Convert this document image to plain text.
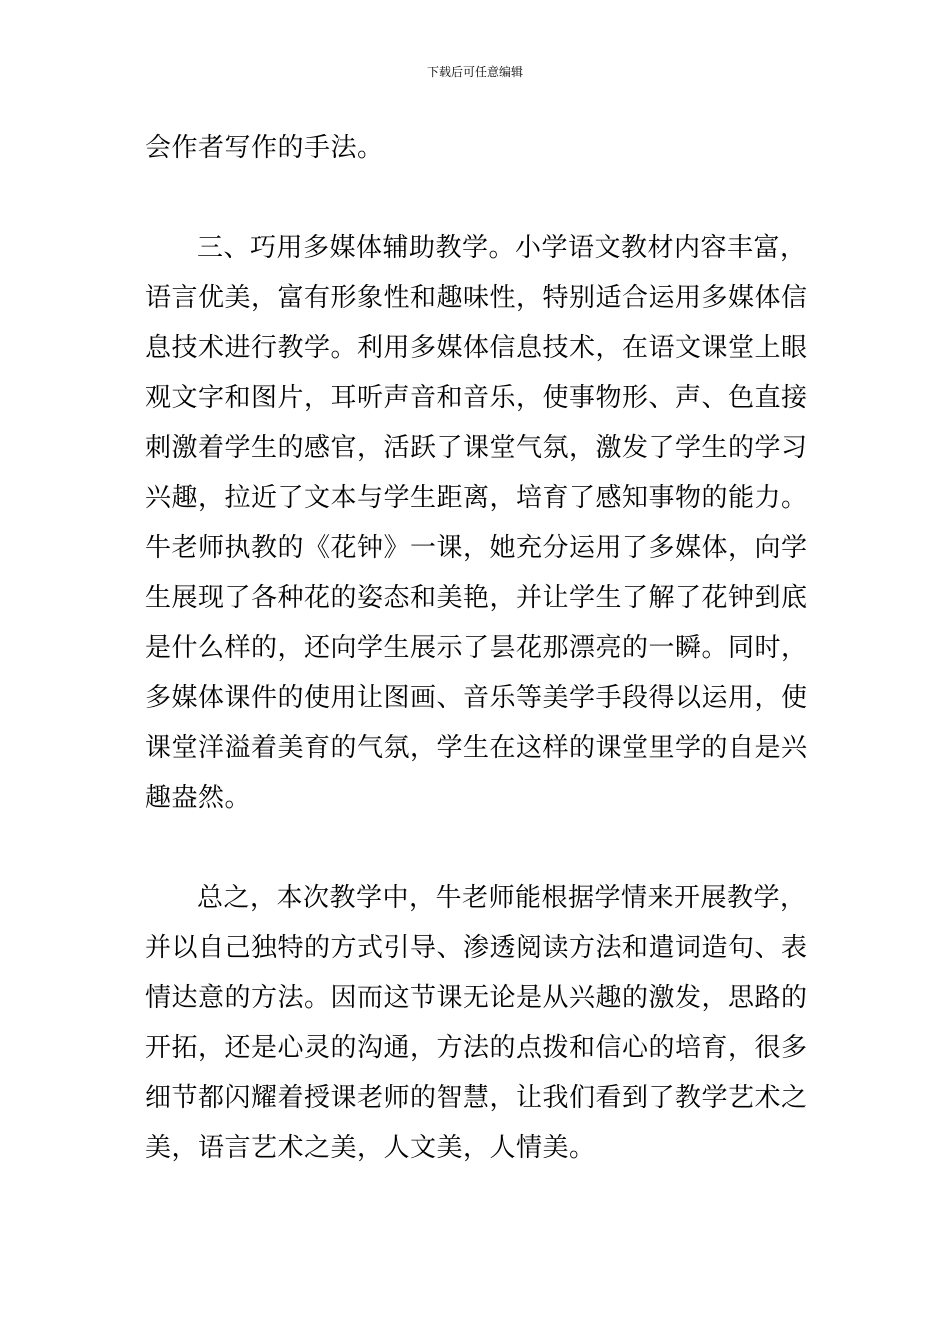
下载后可任意编辑
会作者写作的手法。
三、巧用多媒体辅助教学。小学语文教材内容丰富，
语言优美，富有形象性和趣味性，特别适合运用多媒体信
息技术进行教学。利用多媒体信息技术，在语文课堂上眼
观文字和图片，耳听声音和音乐，使事物形、声、色直接
刺激着学生的感官，活跃了课堂气氛，激发了学生的学习
兴趣，拉近了文本与学生距离，培育了感知事物的能力。
牛老师执教的《花钟》一课，她充分运用了多媒体，向学
生展现了各种花的姿态和美艳，并让学生了解了花钟到底
是什么样的，还向学生展示了昙花那漂亮的一瞬。同时，
多媒体课件的使用让图画、音乐等美学手段得以运用，使
课堂洋溢着美育的气氛，学生在这样的课堂里学的自是兴
趣盎然。
总之，本次教学中，牛老师能根据学情来开展教学，
并以自己独特的方式引导、渗透阅读方法和遣词造句、表
情达意的方法。因而这节课无论是从兴趣的激发，思路的
开拓，还是心灵的沟通，方法的点拨和信心的培育，很多
细节都闪耀着授课老师的智慧，让我们看到了教学艺术之
美，语言艺术之美，人文美，人情美。
